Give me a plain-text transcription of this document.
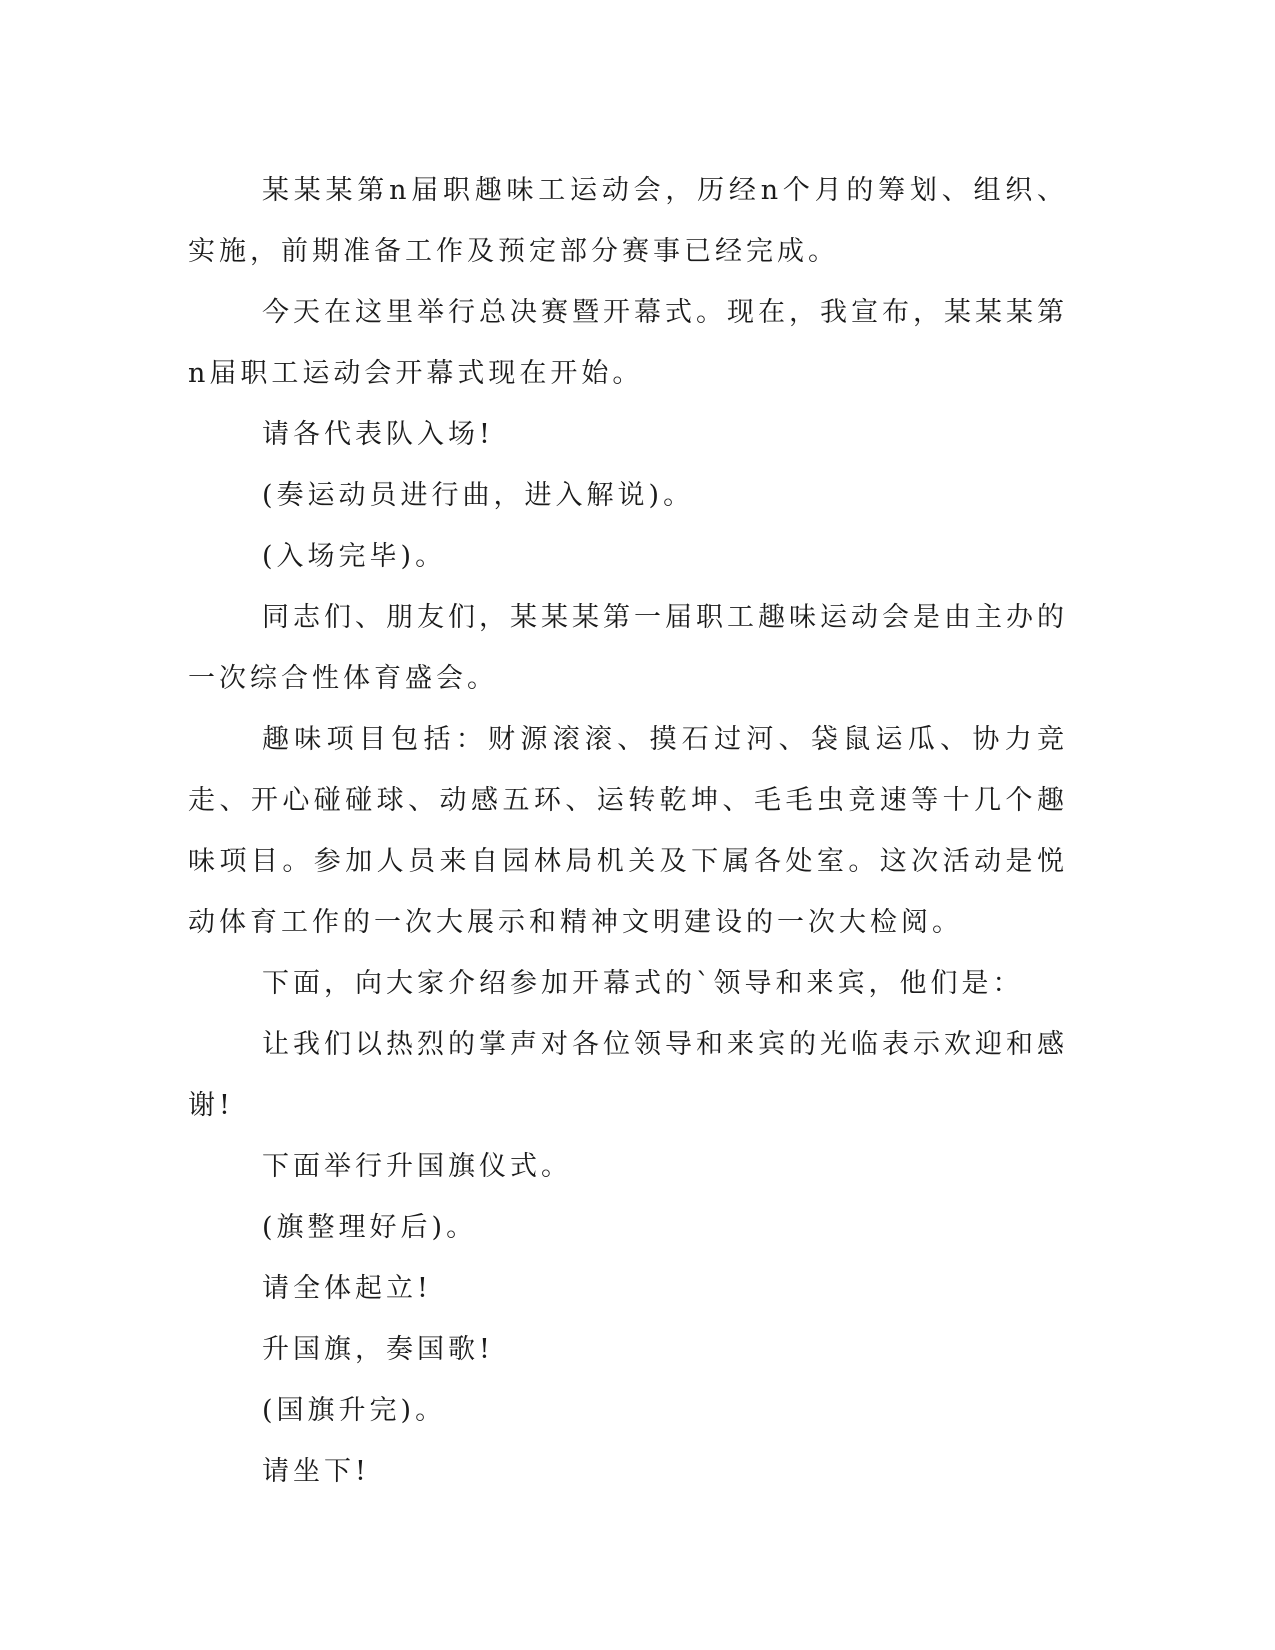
某某某第n届职趣味工运动会，历经n个月的筹划、组织、实施，前期准备工作及预定部分赛事已经完成。

今天在这里举行总决赛暨开幕式。现在，我宣布，某某某第n届职工运动会开幕式现在开始。

请各代表队入场!

(奏运动员进行曲，进入解说)。

(入场完毕)。

同志们、朋友们，某某某第一届职工趣味运动会是由主办的一次综合性体育盛会。

趣味项目包括：财源滚滚、摸石过河、袋鼠运瓜、协力竞走、开心碰碰球、动感五环、运转乾坤、毛毛虫竞速等十几个趣味项目。参加人员来自园林局机关及下属各处室。这次活动是悦动体育工作的一次大展示和精神文明建设的一次大检阅。

下面，向大家介绍参加开幕式的`领导和来宾，他们是：

让我们以热烈的掌声对各位领导和来宾的光临表示欢迎和感谢!

下面举行升国旗仪式。

(旗整理好后)。

请全体起立!

升国旗，奏国歌!

(国旗升完)。

请坐下!
